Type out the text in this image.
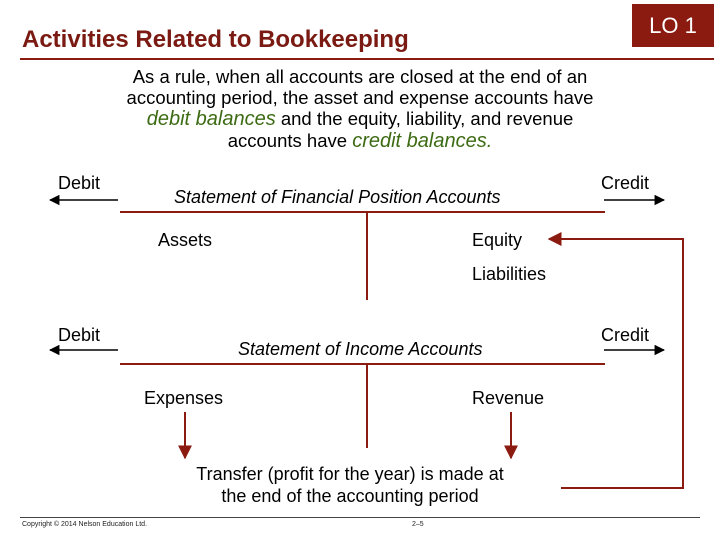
Activities Related to Bookkeeping
LO 1
As a rule, when all accounts are closed at the end of an
accounting period, the asset and expense accounts have
debit balances and the equity, liability, and revenue
accounts have credit balances.
Debit	Credit
Statement of Financial Position Accounts
Assets	Equity
Liabilities
Debit	Credit
Statement of Income Accounts
Expenses	Revenue
Transfer (profit for the year) is made at
the end of the accounting period
Copyright © 2014 Nelson Education Ltd.	2–5
